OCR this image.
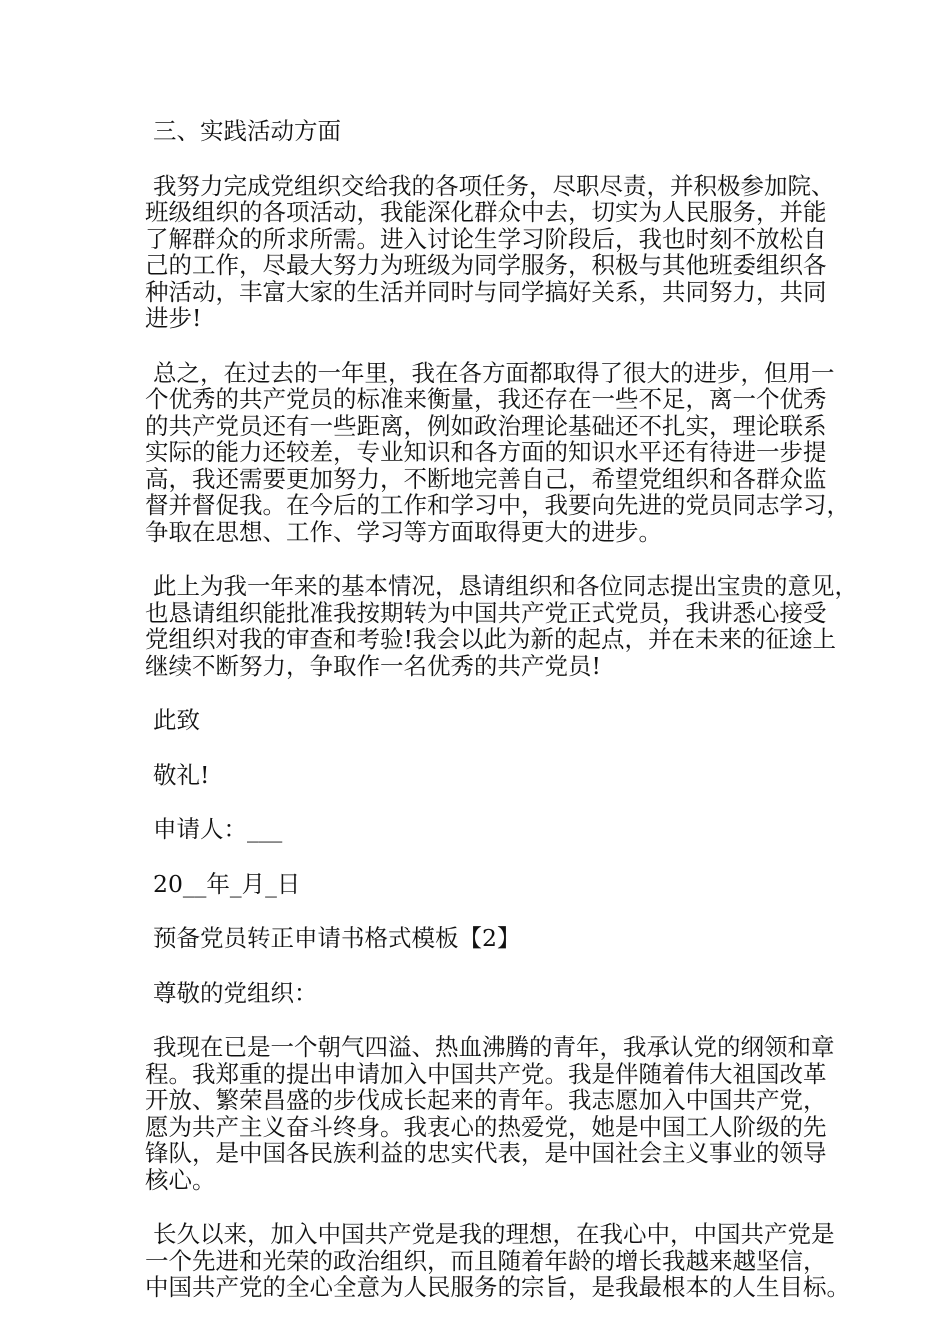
三、实践活动方面
我努力完成党组织交给我的各项任务，尽职尽责，并积极参加院、
班级组织的各项活动，我能深化群众中去，切实为人民服务，并能
了解群众的所求所需。进入讨论生学习阶段后，我也时刻不放松自
己的工作，尽最大努力为班级为同学服务，积极与其他班委组织各
种活动，丰富大家的生活并同时与同学搞好关系，共同努力，共同
进步!
总之，在过去的一年里，我在各方面都取得了很大的进步，但用一
个优秀的共产党员的标准来衡量，我还存在一些不足，离一个优秀
的共产党员还有一些距离，例如政治理论基础还不扎实，理论联系
实际的能力还较差，专业知识和各方面的知识水平还有待进一步提
高，我还需要更加努力，不断地完善自己，希望党组织和各群众监
督并督促我。在今后的工作和学习中，我要向先进的党员同志学习，
争取在思想、工作、学习等方面取得更大的进步。
此上为我一年来的基本情况，恳请组织和各位同志提出宝贵的意见，
也恳请组织能批准我按期转为中国共产党正式党员，我讲悉心接受
党组织对我的审查和考验!我会以此为新的起点，并在未来的征途上
继续不断努力，争取作一名优秀的共产党员!
此致
敬礼!
申请人：___
20__年_月_日
预备党员转正申请书格式模板【2】
尊敬的党组织：
我现在已是一个朝气四溢、热血沸腾的青年，我承认党的纲领和章
程。我郑重的提出申请加入中国共产党。我是伴随着伟大祖国改革
开放、繁荣昌盛的步伐成长起来的青年。我志愿加入中国共产党，
愿为共产主义奋斗终身。我衷心的热爱党，她是中国工人阶级的先
锋队，是中国各民族利益的忠实代表，是中国社会主义事业的领导
核心。
长久以来，加入中国共产党是我的理想，在我心中，中国共产党是
一个先进和光荣的政治组织，而且随着年龄的增长我越来越坚信，
中国共产党的全心全意为人民服务的宗旨，是我最根本的人生目标。
